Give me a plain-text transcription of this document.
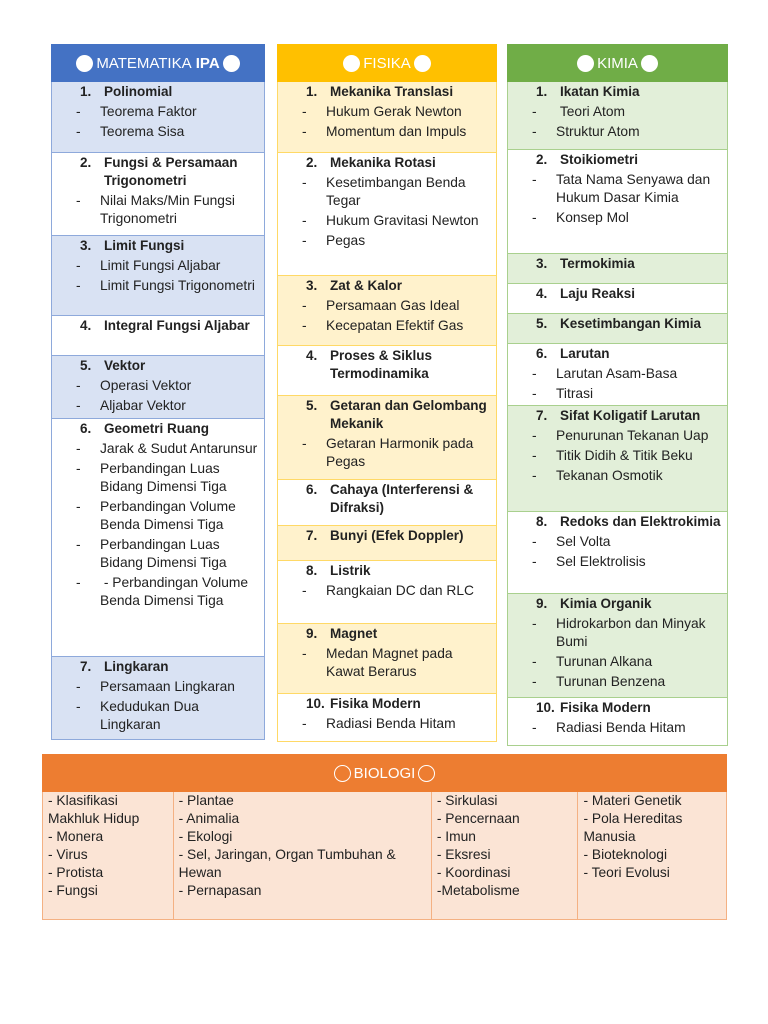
MATEMATIKA
IPA
1. Polinomial
-	Teorema Faktor
-	Teorema Sisa
2. Fungsi & Persamaan Trigonometri
-	Nilai Maks/Min Fungsi Trigonometri
3. Limit Fungsi
-	Limit Fungsi Aljabar
-	Limit Fungsi Trigonometri
4. Integral Fungsi Aljabar
5. Vektor
-	Operasi Vektor
-	Aljabar Vektor
6. Geometri Ruang
-	Jarak & Sudut Antarunsur
-	Perbandingan Luas Bidang Dimensi Tiga
-	Perbandingan Volume Benda Dimensi Tiga
-	Perbandingan Luas Bidang Dimensi Tiga
-	- Perbandingan Volume Benda Dimensi Tiga
7. Lingkaran
-	Persamaan Lingkaran
-	Kedudukan Dua Lingkaran
FISIKA
1. Mekanika Translasi
-	Hukum Gerak Newton
-	Momentum dan Impuls
2. Mekanika Rotasi
-	Kesetimbangan Benda Tegar
-	Hukum Gravitasi Newton
-	Pegas
3. Zat & Kalor
-	Persamaan Gas Ideal
-	Kecepatan Efektif Gas
4. Proses & Siklus Termodinamika
5. Getaran dan Gelombang Mekanik
-	Getaran Harmonik pada Pegas
6. Cahaya (Interferensi & Difraksi)
7. Bunyi (Efek Doppler)
8. Listrik
-	Rangkaian DC dan RLC
9. Magnet
-	Medan Magnet pada Kawat Berarus
10. Fisika Modern
-	Radiasi Benda Hitam
KIMIA
1. Ikatan Kimia
-	Teori Atom
-	Struktur Atom
2. Stoikiometri
-	Tata Nama Senyawa dan Hukum Dasar Kimia
-	Konsep Mol
3. Termokimia
4. Laju Reaksi
5. Kesetimbangan Kimia
6. Larutan
-	Larutan Asam-Basa
-	Titrasi
7. Sifat Koligatif Larutan
-	Penurunan Tekanan Uap
-	Titik Didih & Titik Beku
-	Tekanan Osmotik
8. Redoks dan Elektrokimia
-	Sel Volta
-	Sel Elektrolisis
9. Kimia Organik
-	Hidrokarbon dan Minyak Bumi
-	Turunan Alkana
-	Turunan Benzena
10. Fisika Modern
-	Radiasi Benda Hitam
BIOLOGI
- Klasifikasi Makhluk Hidup
- Monera
- Virus
- Protista
- Fungsi
- Plantae
- Animalia
- Ekologi
- Sel, Jaringan, Organ Tumbuhan & Hewan
- Pernapasan
- Sirkulasi
- Pencernaan
- Imun
- Eksresi
- Koordinasi
-Metabolisme
- Materi Genetik
- Pola Hereditas Manusia
- Bioteknologi
- Teori Evolusi
